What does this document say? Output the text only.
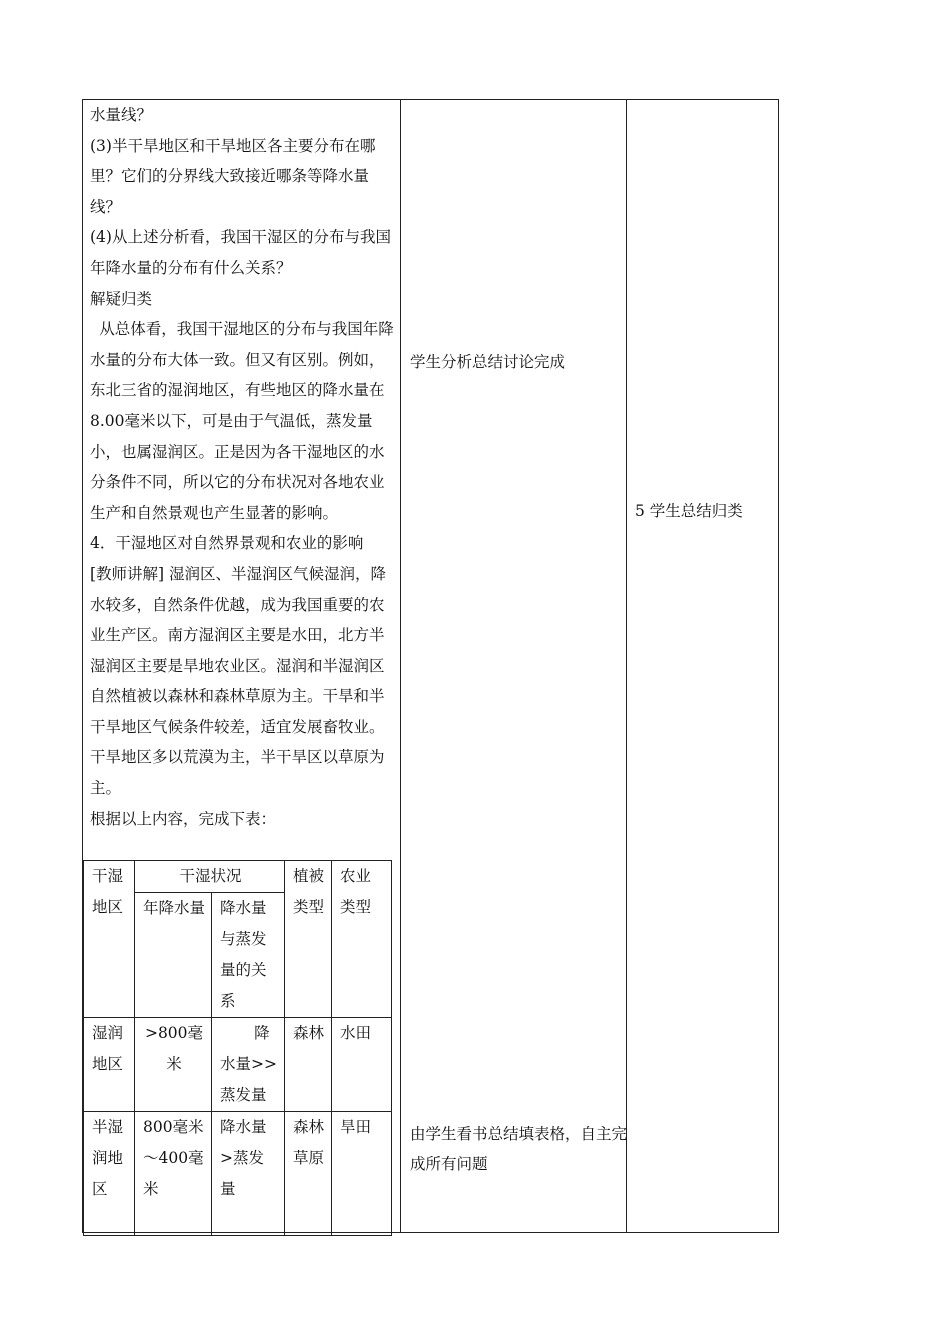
水量线？

(3)半干旱地区和干旱地区各主要分布在哪里？它们的分界线大致接近哪条等降水量线？

(4)从上述分析看，我国干湿区的分布与我国年降水量的分布有什么关系？

解疑归类

从总体看，我国干湿地区的分布与我国年降水量的分布大体一致。但又有区别。例如，东北三省的湿润地区，有些地区的降水量在8.00毫米以下，可是由于气温低，蒸发量小，也属湿润区。正是因为各干湿地区的水分条件不同，所以它的分布状况对各地农业生产和自然景观也产生显著的影响。

4．干湿地区对自然界景观和农业的影响

[教师讲解] 湿润区、半湿润区气候湿润，降水较多，自然条件优越，成为我国重要的农业生产区。南方湿润区主要是水田，北方半湿润区主要是旱地农业区。湿润和半湿润区自然植被以森林和森林草原为主。干旱和半干旱地区气候条件较差，适宜发展畜牧业。干旱地区多以荒漠为主，半干旱区以草原为主。

根据以上内容，完成下表：

干湿地区	干湿状况		植被类型	农业类型
	年降水量	降水量与蒸发量的关系		
湿润地区	>800毫米	降水量>>蒸发量	森林	水田
半湿润地区	800毫米～400毫米	降水量>蒸发量	森林草原	旱田
学生分析总结讨论完成
由学生看书总结填表格，自主完成所有问题
5 学生总结归类
